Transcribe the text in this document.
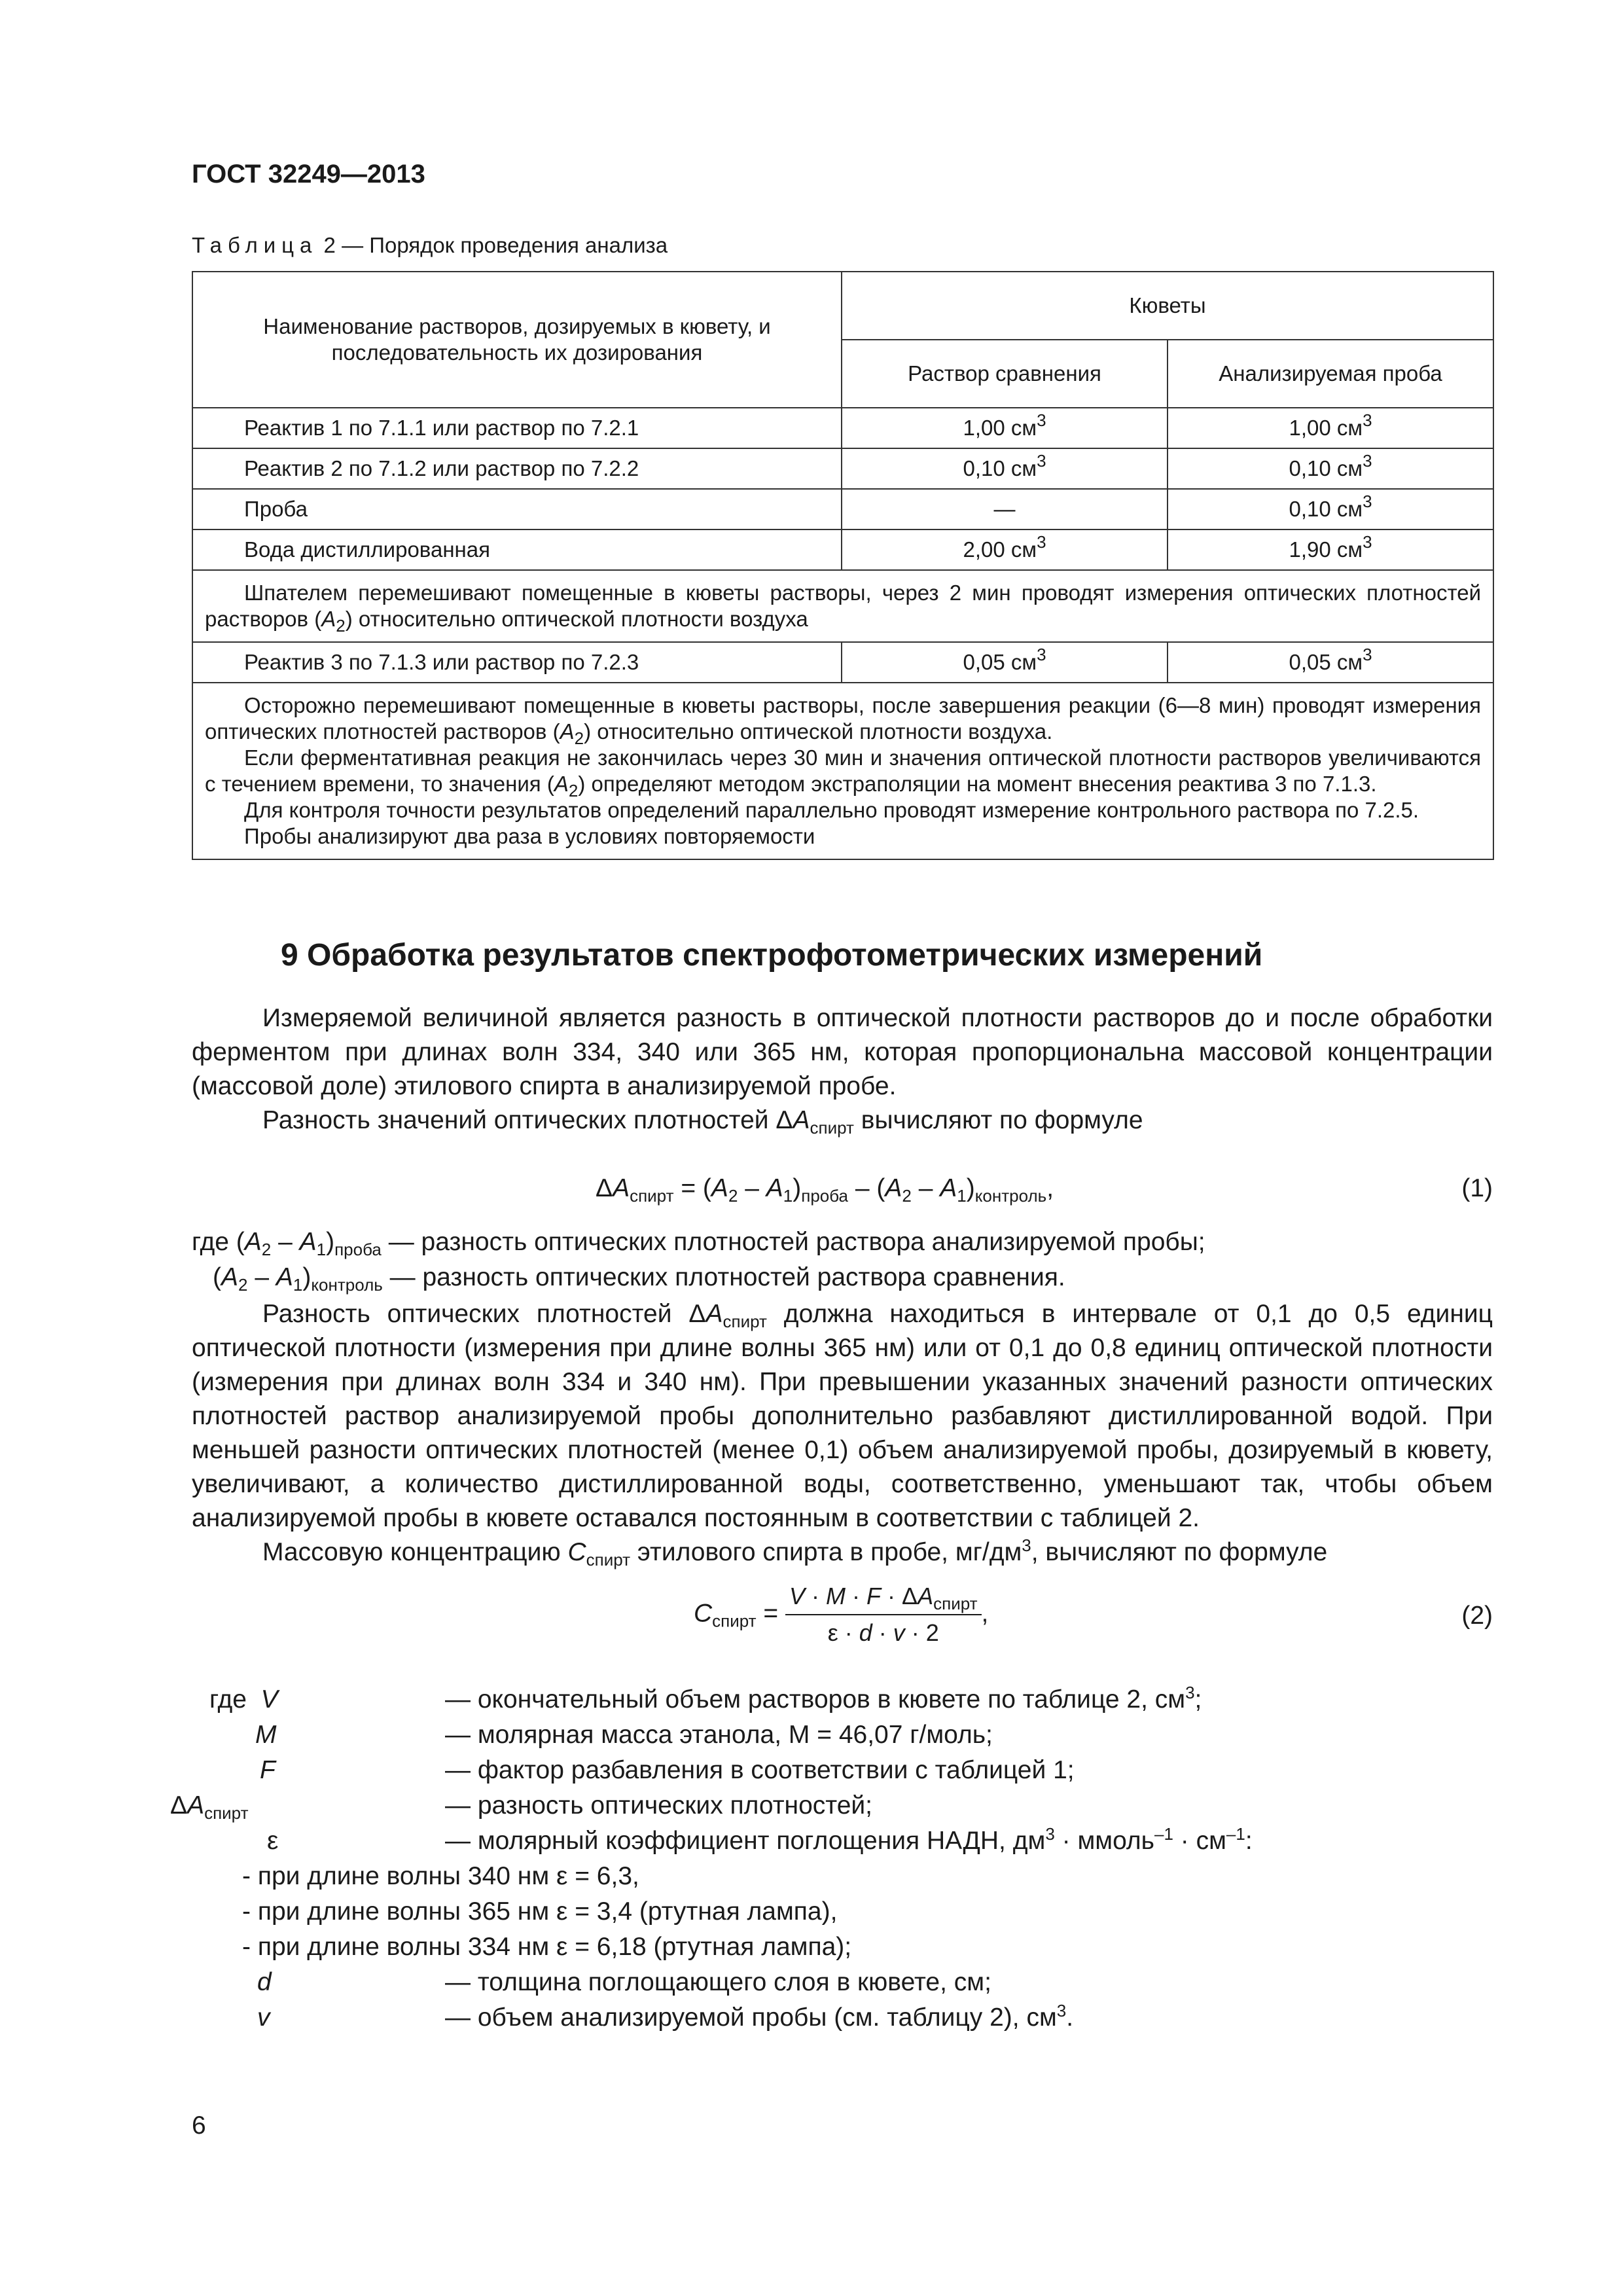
ГОСТ 32249—2013
Таблица 2 — Порядок проведения анализа
Наименование растворов, дозируемых в кювету, и последовательность их дозирования	Кюветы	
	Раствор сравнения	Анализируемая проба
Реактив 1 по 7.1.1 или раствор по 7.2.1	1,00 $см^3$	1,00 $см^3$
Реактив 2 по 7.1.2 или раствор по 7.2.2	0,10 $см^3$	0,10 $см^3$
Проба	—	0,10 $см^3$
Вода дистиллированная	2,00 $см^3$	1,90 $см^3$

Шпателем перемешивают помещенные в кюветы растворы, через 2 мин проводят измерения оптических плотностей растворов $(A_2)$ относительно оптической плотности воздуха		

Реактив 3 по 7.1.3 или раствор по 7.2.3	0,05 $см^3$	0,05 $см^3$

Осторожно перемешивают помещенные в кюветы растворы, после завершения реакции (6—8 мин) проводят измерения оптических плотностей растворов $(A_2)$ относительно оптической плотности воздуха.

Если ферментативная реакция не закончилась через 30 мин и значения оптической плотности растворов увеличиваются с течением времени, то значения $(A_2)$ определяют методом экстраполяции на момент внесения реактива 3 по 7.1.3.

Для контроля точности результатов определений параллельно проводят измерение контрольного раствора по 7.2.5.

Пробы анализируют два раза в условиях повторяемости		

9 Обработка результатов спектрофотометрических измерений

Измеряемой величиной является разность в оптической плотности растворов до и после обработки ферментом при длинах волн 334, 340 или 365 нм, которая пропорциональна массовой концентрации (массовой доле) этилового спирта в анализируемой пробе.

Разность значений оптических плотностей $\Delta A_{спирт}$ вычисляют по формуле

$\Delta A_{спирт} = (A_2 - A_1)_{проба} - (A_2 - A_1)_{контроль}$,	(1)
где $(A_2 - A_1)_{проба}$ — разность оптических плотностей раствора анализируемой пробы;
$(A_2 - A_1)_{контроль}$ — разность оптических плотностей раствора сравнения.

Разность оптических плотностей $\Delta A_{спирт}$ должна находиться в интервале от 0,1 до 0,5 единиц оптической плотности (измерения при длине волны 365 нм) или от 0,1 до 0,8 единиц оптической плотности (измерения при длинах волн 334 и 340 нм). При превышении указанных значений разности оптических плотностей раствор анализируемой пробы дополнительно разбавляют дистиллированной водой. При меньшей разности оптических плотностей (менее 0,1) объем анализируемой пробы, дозируемый в кювету, увеличивают, а количество дистиллированной воды, соответственно, уменьшают так, чтобы объем анализируемой пробы в кювете оставался постоянным в соответствии с таблицей 2.

Массовую концентрацию $C_{спирт}$ этилового спирта в пробе, $мг/дм^3$, вычисляют по формуле

$C_{спирт} = \frac{V \cdot M \cdot F \cdot \Delta A_{спирт}}{\varepsilon \cdot d \cdot v \cdot 2}$ ,	(2)
где V	— окончательный объем растворов в кювете по таблице 2, $см^3$;
M	— молярная масса этанола, М = 46,07 г/моль;
F	— фактор разбавления в соответствии с таблицей 1;
$\Delta A_{спирт}$	— разность оптических плотностей;
ε	— молярный коэффициент поглощения НАДН, $дм^3$ · ммоль$^{-1}$ · $см^{-1}$:
- при длине волны 340 нм ε = 6,3,
- при длине волны 365 нм ε = 3,4 (ртутная лампа),
- при длине волны 334 нм ε = 6,18 (ртутная лампа);
d	— толщина поглощающего слоя в кювете, см;
v	— объем анализируемой пробы (см. таблицу 2), $см^3$.
6
